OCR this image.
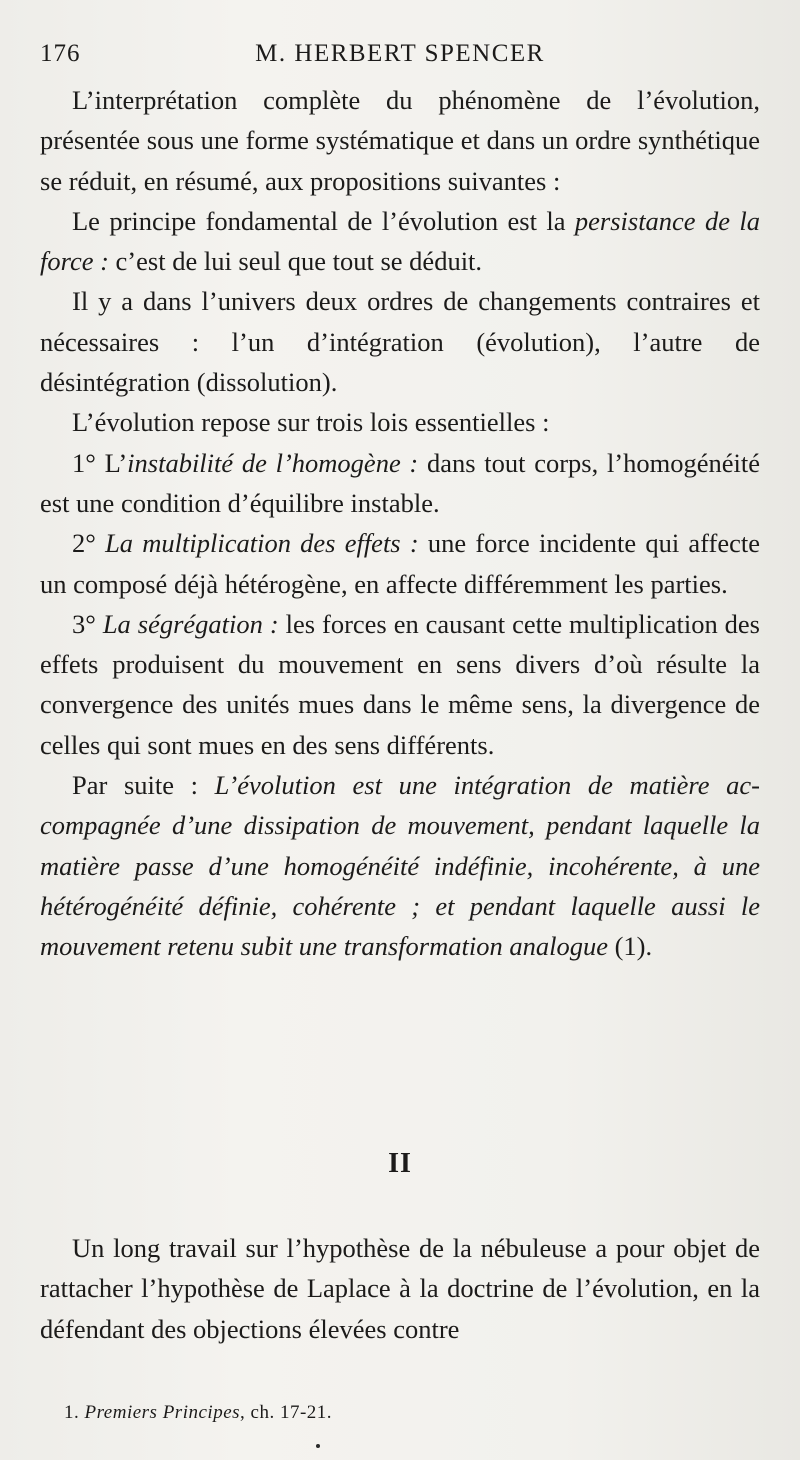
176	M. HERBERT SPENCER

L’interprétation complète du phénomène de l’évolution, présentée sous une forme systématique et dans un ordre synthétique se réduit, en résumé, aux propositions suivantes :

Le principe fondamental de l’évolution est la persistance de la force : c’est de lui seul que tout se déduit.

Il y a dans l’univers deux ordres de changements contraires et nécessaires : l’un d’intégration (évolution), l’autre de désintégration (dissolution).

L’évolution repose sur trois lois essentielles :

1° L’instabilité de l’homogène : dans tout corps, l’homogénéité est une condition d’équilibre instable.

2° La multiplication des effets : une force incidente qui affecte un composé déjà hétérogène, en affecte différemment les parties.

3° La ségrégation : les forces en causant cette multiplication des effets produisent du mouvement en sens divers d’où résulte la convergence des unités mues dans le même sens, la divergence de celles qui sont mues en des sens différents.

Par suite : L’évolution est une intégration de matière accompagnée d’une dissipation de mouvement, pendant laquelle la matière passe d’une homogénéité indéfinie, incohérente, à une hétérogénéité définie, cohérente ; et pendant laquelle aussi le mouvement retenu subit une transformation analogue (1).

II

Un long travail sur l’hypothèse de la nébuleuse a pour objet de rattacher l’hypothèse de Laplace à la doctrine de l’évolution, en la défendant des objections élevées contre

1. Premiers Principes, ch. 17-21.
